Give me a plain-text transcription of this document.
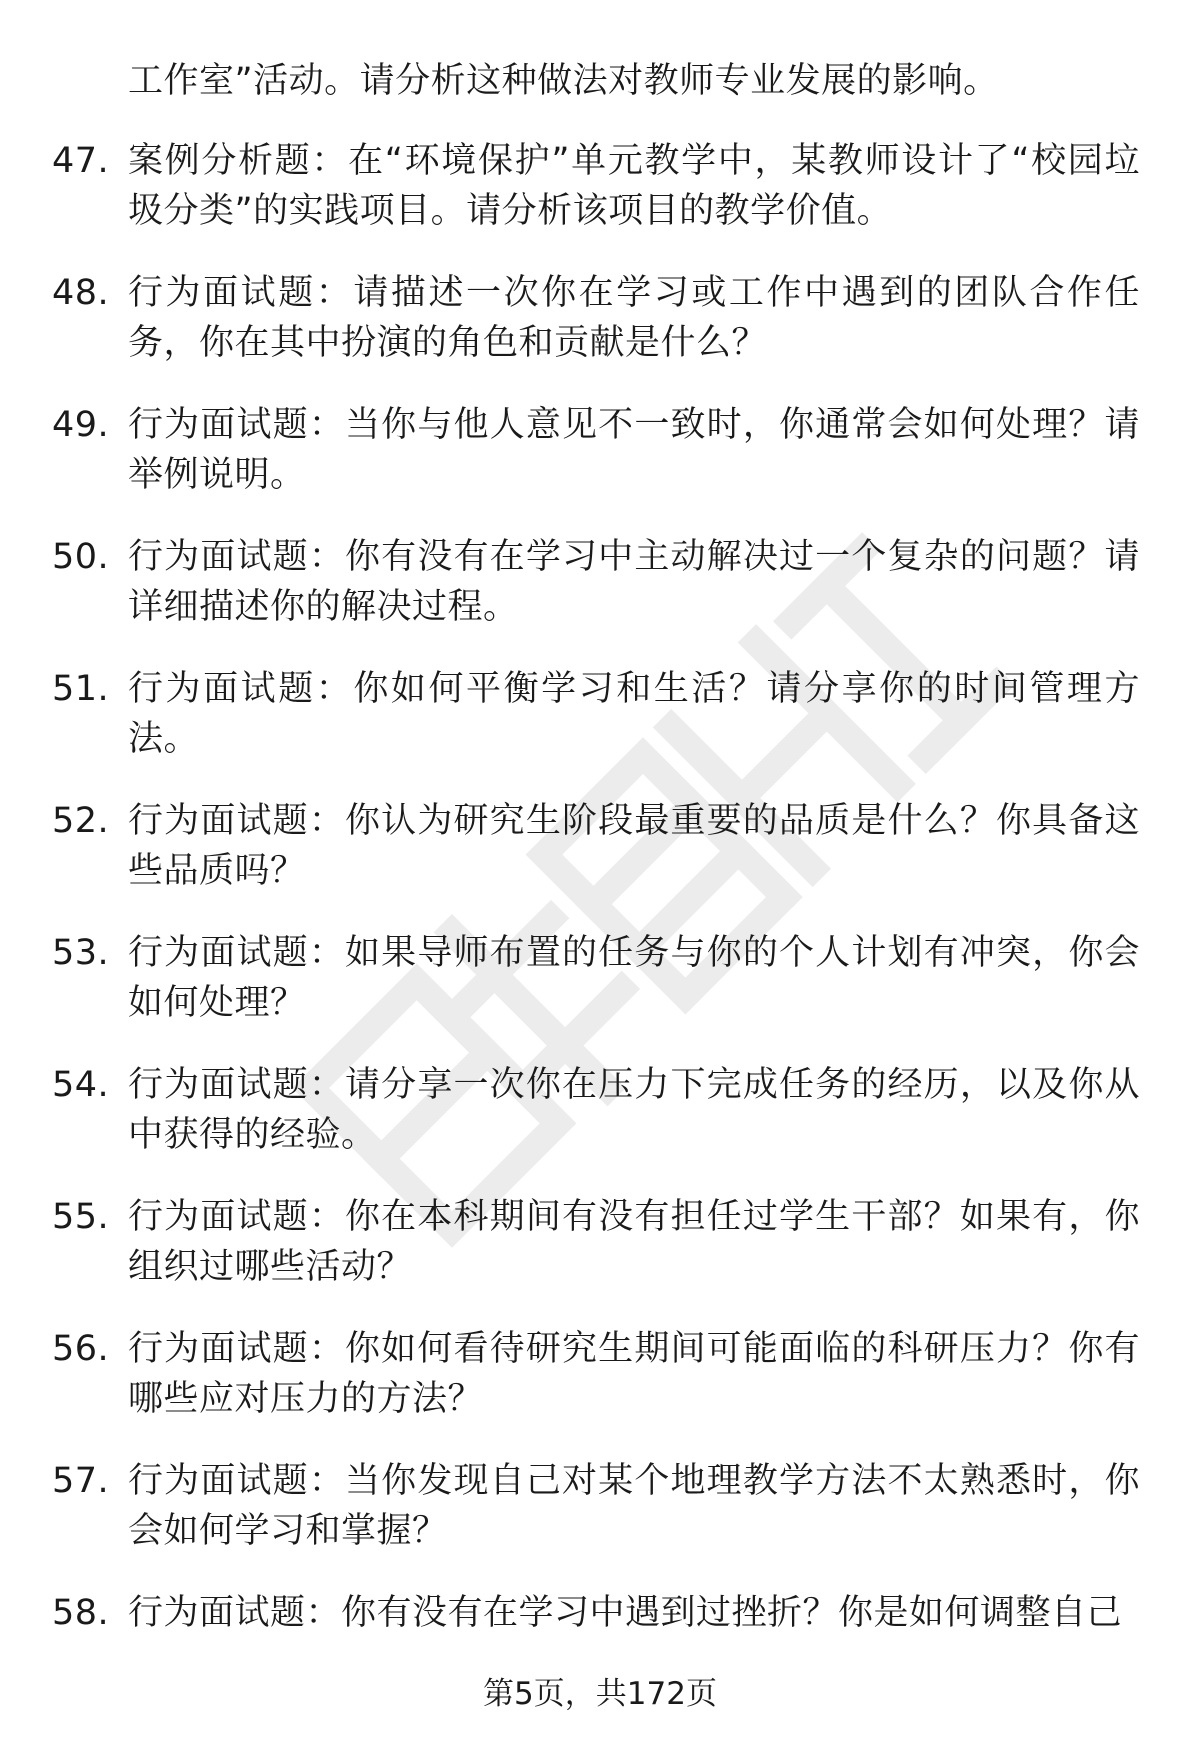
工作室”活动。请分析这种做法对教师专业发展的影响。
47. 案例分析题：在“环境保护”单元教学中，某教师设计了“校园垃圾分类”的实践项目。请分析该项目的教学价值。
48. 行为面试题：请描述一次你在学习或工作中遇到的团队合作任务，你在其中扮演的角色和贡献是什么？
49. 行为面试题：当你与他人意见不一致时，你通常会如何处理？请举例说明。
50. 行为面试题：你有没有在学习中主动解决过一个复杂的问题？请详细描述你的解决过程。
51. 行为面试题：你如何平衡学习和生活？请分享你的时间管理方法。
52. 行为面试题：你认为研究生阶段最重要的品质是什么？你具备这些品质吗？
53. 行为面试题：如果导师布置的任务与你的个人计划有冲突，你会如何处理？
54. 行为面试题：请分享一次你在压力下完成任务的经历，以及你从中获得的经验。
55. 行为面试题：你在本科期间有没有担任过学生干部？如果有，你组织过哪些活动？
56. 行为面试题：你如何看待研究生期间可能面临的科研压力？你有哪些应对压力的方法？
57. 行为面试题：当你发现自己对某个地理教学方法不太熟悉时，你会如何学习和掌握？
58. 行为面试题：你有没有在学习中遇到过挫折？你是如何调整自己
第5页，共172页
